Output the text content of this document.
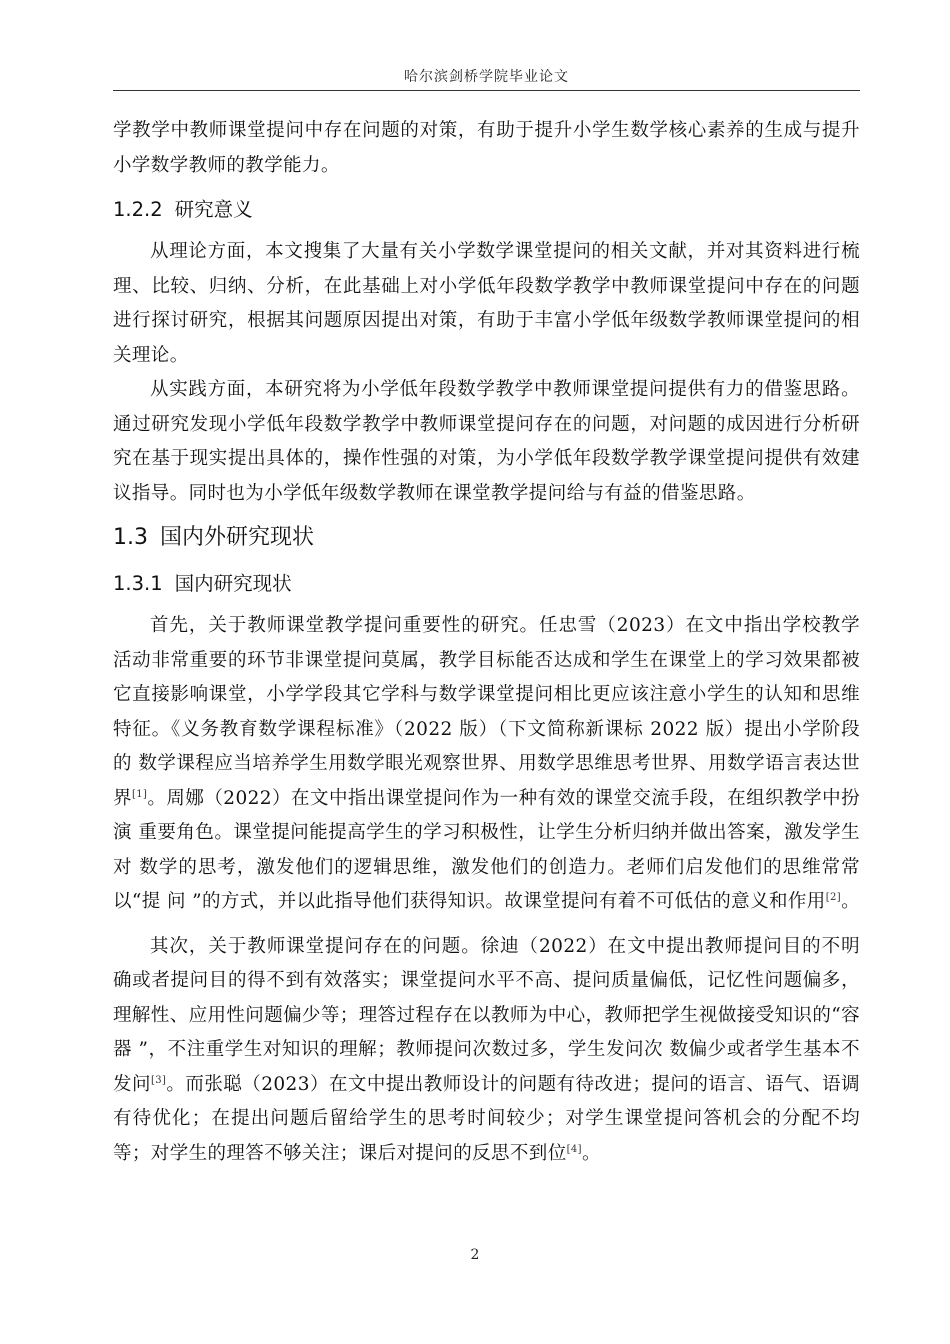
哈尔滨剑桥学院毕业论文

学教学中教师课堂提问中存在问题的对策，有助于提升小学生数学核心素养的生成与提升小学数学教师的教学能力。

1.2.2 研究意义

从理论方面，本文搜集了大量有关小学数学课堂提问的相关文献，并对其资料进行梳理、比较、归纳、分析，在此基础上对小学低年段数学教学中教师课堂提问中存在的问题进行探讨研究，根据其问题原因提出对策，有助于丰富小学低年级数学教师课堂提问的相关理论。

从实践方面，本研究将为小学低年段数学教学中教师课堂提问提供有力的借鉴思路。通过研究发现小学低年段数学教学中教师课堂提问存在的问题，对问题的成因进行分析研究在基于现实提出具体的，操作性强的对策，为小学低年段数学教学课堂提问提供有效建议指导。同时也为小学低年级数学教师在课堂教学提问给与有益的借鉴思路。

1.3 国内外研究现状
1.3.1 国内研究现状

首先，关于教师课堂教学提问重要性的研究。任忠雪（2023）在文中指出学校教学活动非常重要的环节非课堂提问莫属，教学目标能否达成和学生在课堂上的学习效果都被它直接影响课堂，小学学段其它学科与数学课堂提问相比更应该注意小学生的认知和思维特征。《义务教育数学课程标准》（2022 版）（下文简称新课标 2022 版）提出小学阶段的 数学课程应当培养学生用数学眼光观察世界、用数学思维思考世界、用数学语言表达世界[1]。周娜（2022）在文中指出课堂提问作为一种有效的课堂交流手段，在组织教学中扮演 重要角色。课堂提问能提高学生的学习积极性，让学生分析归纳并做出答案，激发学生对 数学的思考，激发他们的逻辑思维，激发他们的创造力。老师们启发他们的思维常常以“提 问 ”的方式，并以此指导他们获得知识。故课堂提问有着不可低估的意义和作用[2]。

其次，关于教师课堂提问存在的问题。徐迪（2022）在文中提出教师提问目的不明确或者提问目的得不到有效落实；课堂提问水平不高、提问质量偏低，记忆性问题偏多，理解性、应用性问题偏少等；理答过程存在以教师为中心，教师把学生视做接受知识的“容器 ”，不注重学生对知识的理解；教师提问次数过多，学生发问次 数偏少或者学生基本不 发问[3]。而张聪（2023）在文中提出教师设计的问题有待改进；提问的语言、语气、语调 有待优化；在提出问题后留给学生的思考时间较少；对学生课堂提问答机会的分配不均 等；对学生的理答不够关注；课后对提问的反思不到位[4]。

2
